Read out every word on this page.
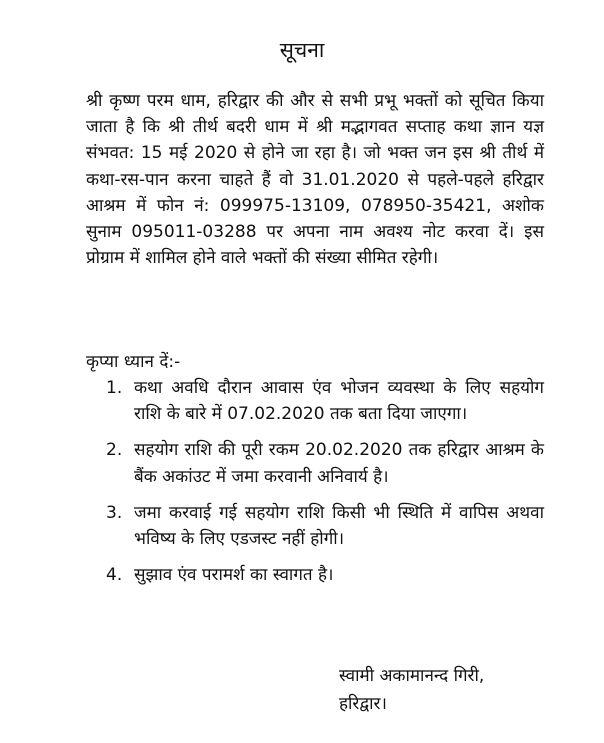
सूचना

श्री कृष्ण परम धाम, हरिद्वार की और से सभी प्रभू भक्तों को सूचित किया जाता है कि श्री तीर्थ बदरी धाम में श्री मद्भागवत सप्ताह कथा ज्ञान यज्ञ संभवत: 15 मई 2020 से होने जा रहा है। जो भक्त जन इस श्री तीर्थ में कथा-रस-पान करना चाहते हैं वो 31.01.2020 से पहले-पहले हरिद्वार आश्रम में फोन नं: 099975-13109, 078950-35421, अशोक सुनाम 095011-03288 पर अपना नाम अवश्य नोट करवा दें। इस प्रोग्राम में शामिल होने वाले भक्तों की संख्या सीमित रहेगी।

कृप्या ध्यान दें:-

1. कथा अवधि दौरान आवास एंव भोजन व्यवस्था के लिए सहयोग राशि के बारे में 07.02.2020 तक बता दिया जाएगा।
2. सहयोग राशि की पूरी रकम 20.02.2020 तक हरिद्वार आश्रम के बैंक अकांउट में जमा करवानी अनिवार्य है।
3. जमा करवाई गई सहयोग राशि किसी भी स्थिति में वापिस अथवा भविष्य के लिए एडजस्ट नहीं होगी।
4. सुझाव एंव परामर्श का स्वागत है।
स्वामी अकामानन्द गिरी,
हरिद्वार।
